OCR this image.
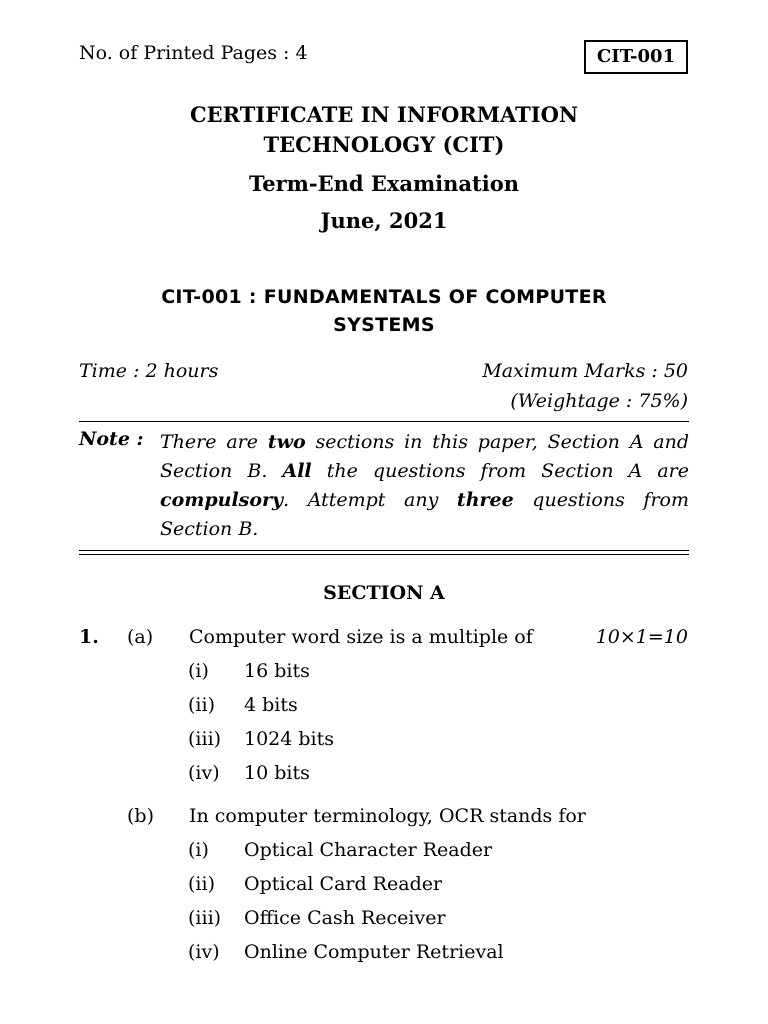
No. of Printed Pages : 4	CIT-001
CERTIFICATE IN INFORMATION
TECHNOLOGY (CIT)
Term-End Examination
June, 2021
CIT-001 : FUNDAMENTALS OF COMPUTER
SYSTEMS
Time : 2 hours	Maximum Marks : 50
(Weightage : 75%)
Note : There are two sections in this paper, Section A and Section B. All the questions from Section A are compulsory. Attempt any three questions from Section B.
SECTION A
1.	10×1=10
(a) Computer word size is a multiple of
(i) 16 bits
(ii) 4 bits
(iii) 1024 bits
(iv) 10 bits
(b) In computer terminology, OCR stands for
(i) Optical Character Reader
(ii) Optical Card Reader
(iii) Office Cash Receiver
(iv) Online Computer Retrieval
